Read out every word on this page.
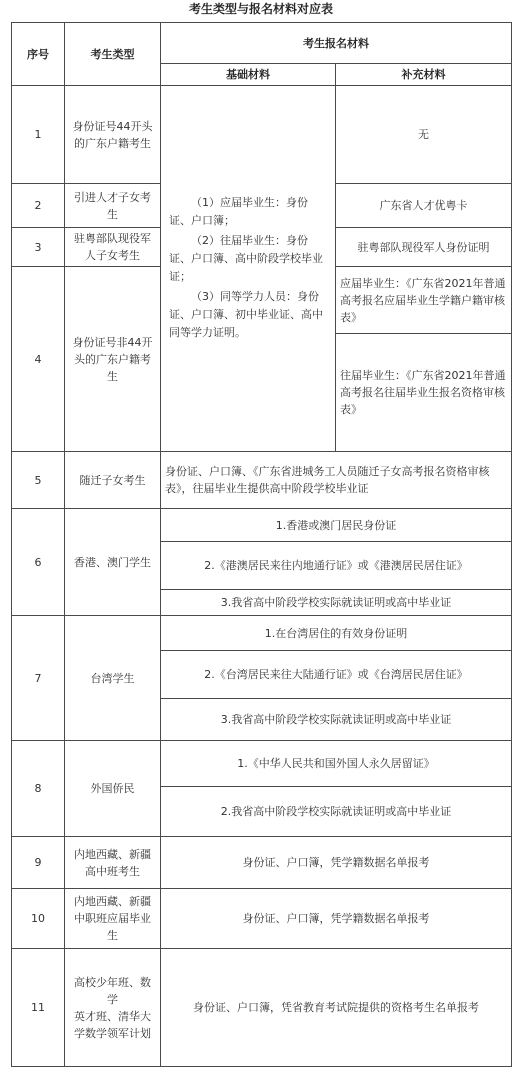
考生类型与报名材料对应表
序号	考生类型	考生报名材料	
		基础材料	补充材料
1	身份证号44开头的广东户籍考生	（1）应届毕业生：身份证、户口簿；

（2）往届毕业生：身份证、户口簿、高中阶段学校毕业证；

（3）同等学力人员：身份证、户口簿、初中毕业证、高中同等学力证明。	无
2	引进人才子女考生		广东省人才优粤卡
3	驻粤部队现役军人子女考生		驻粤部队现役军人身份证明
4	身份证号非44开头的广东户籍考生		应届毕业生：《广东省2021年普通高考报名应届毕业生学籍户籍审核表》
			往届毕业生：《广东省2021年普通高考报名往届毕业生报名资格审核表》
5	随迁子女考生	身份证、户口簿、《广东省进城务工人员随迁子女高考报名资格审核表》，往届毕业生提供高中阶段学校毕业证	
6	香港、澳门学生	1.香港或澳门居民身份证	
		2.《港澳居民来往内地通行证》或《港澳居民居住证》	
		3.我省高中阶段学校实际就读证明或高中毕业证	
7	台湾学生	1.在台湾居住的有效身份证明	
		2.《台湾居民来往大陆通行证》或《台湾居民居住证》	
		3.我省高中阶段学校实际就读证明或高中毕业证	
8	外国侨民	1.《中华人民共和国外国人永久居留证》	
		2.我省高中阶段学校实际就读证明或高中毕业证	
9	内地西藏、新疆高中班考生	身份证、户口簿，凭学籍数据名单报考	
10	内地西藏、新疆中职班应届毕业生	身份证、户口簿，凭学籍数据名单报考	
11	高校少年班、数学
英才班、清华大学数学领军计划	身份证、户口簿，凭省教育考试院提供的资格考生名单报考	
